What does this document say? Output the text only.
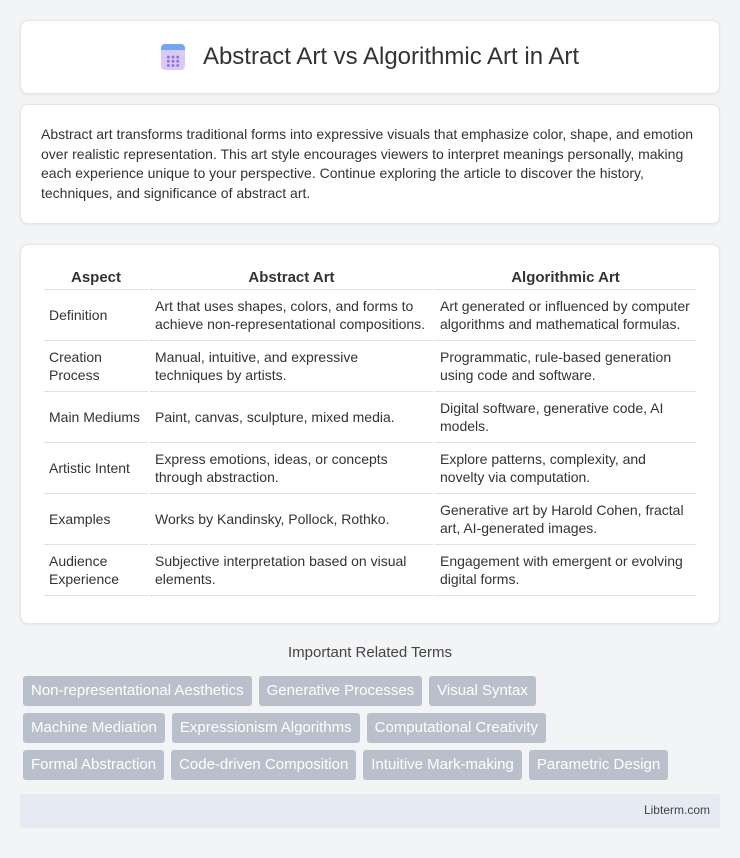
Abstract Art vs Algorithmic Art in Art

Abstract art transforms traditional forms into expressive visuals that emphasize color, shape, and emotion over realistic representation. This art style encourages viewers to interpret meanings personally, making each experience unique to your perspective. Continue exploring the article to discover the history, techniques, and significance of abstract art.

Aspect	Abstract Art	Algorithmic Art
Definition	Art that uses shapes, colors, and forms to achieve non-representational compositions.	Art generated or influenced by computer algorithms and mathematical formulas.
Creation Process	Manual, intuitive, and expressive techniques by artists.	Programmatic, rule-based generation using code and software.
Main Mediums	Paint, canvas, sculpture, mixed media.	Digital software, generative code, AI models.
Artistic Intent	Express emotions, ideas, or concepts through abstraction.	Explore patterns, complexity, and novelty via computation.
Examples	Works by Kandinsky, Pollock, Rothko.	Generative art by Harold Cohen, fractal art, AI-generated images.
Audience Experience	Subjective interpretation based on visual elements.	Engagement with emergent or evolving digital forms.
Important Related Terms
Non-representational Aesthetics	Generative Processes	Visual Syntax
Machine Mediation	Expressionism Algorithms	Computational Creativity
Formal Abstraction	Code-driven Composition	Intuitive Mark-making	Parametric Design
Libterm.com
